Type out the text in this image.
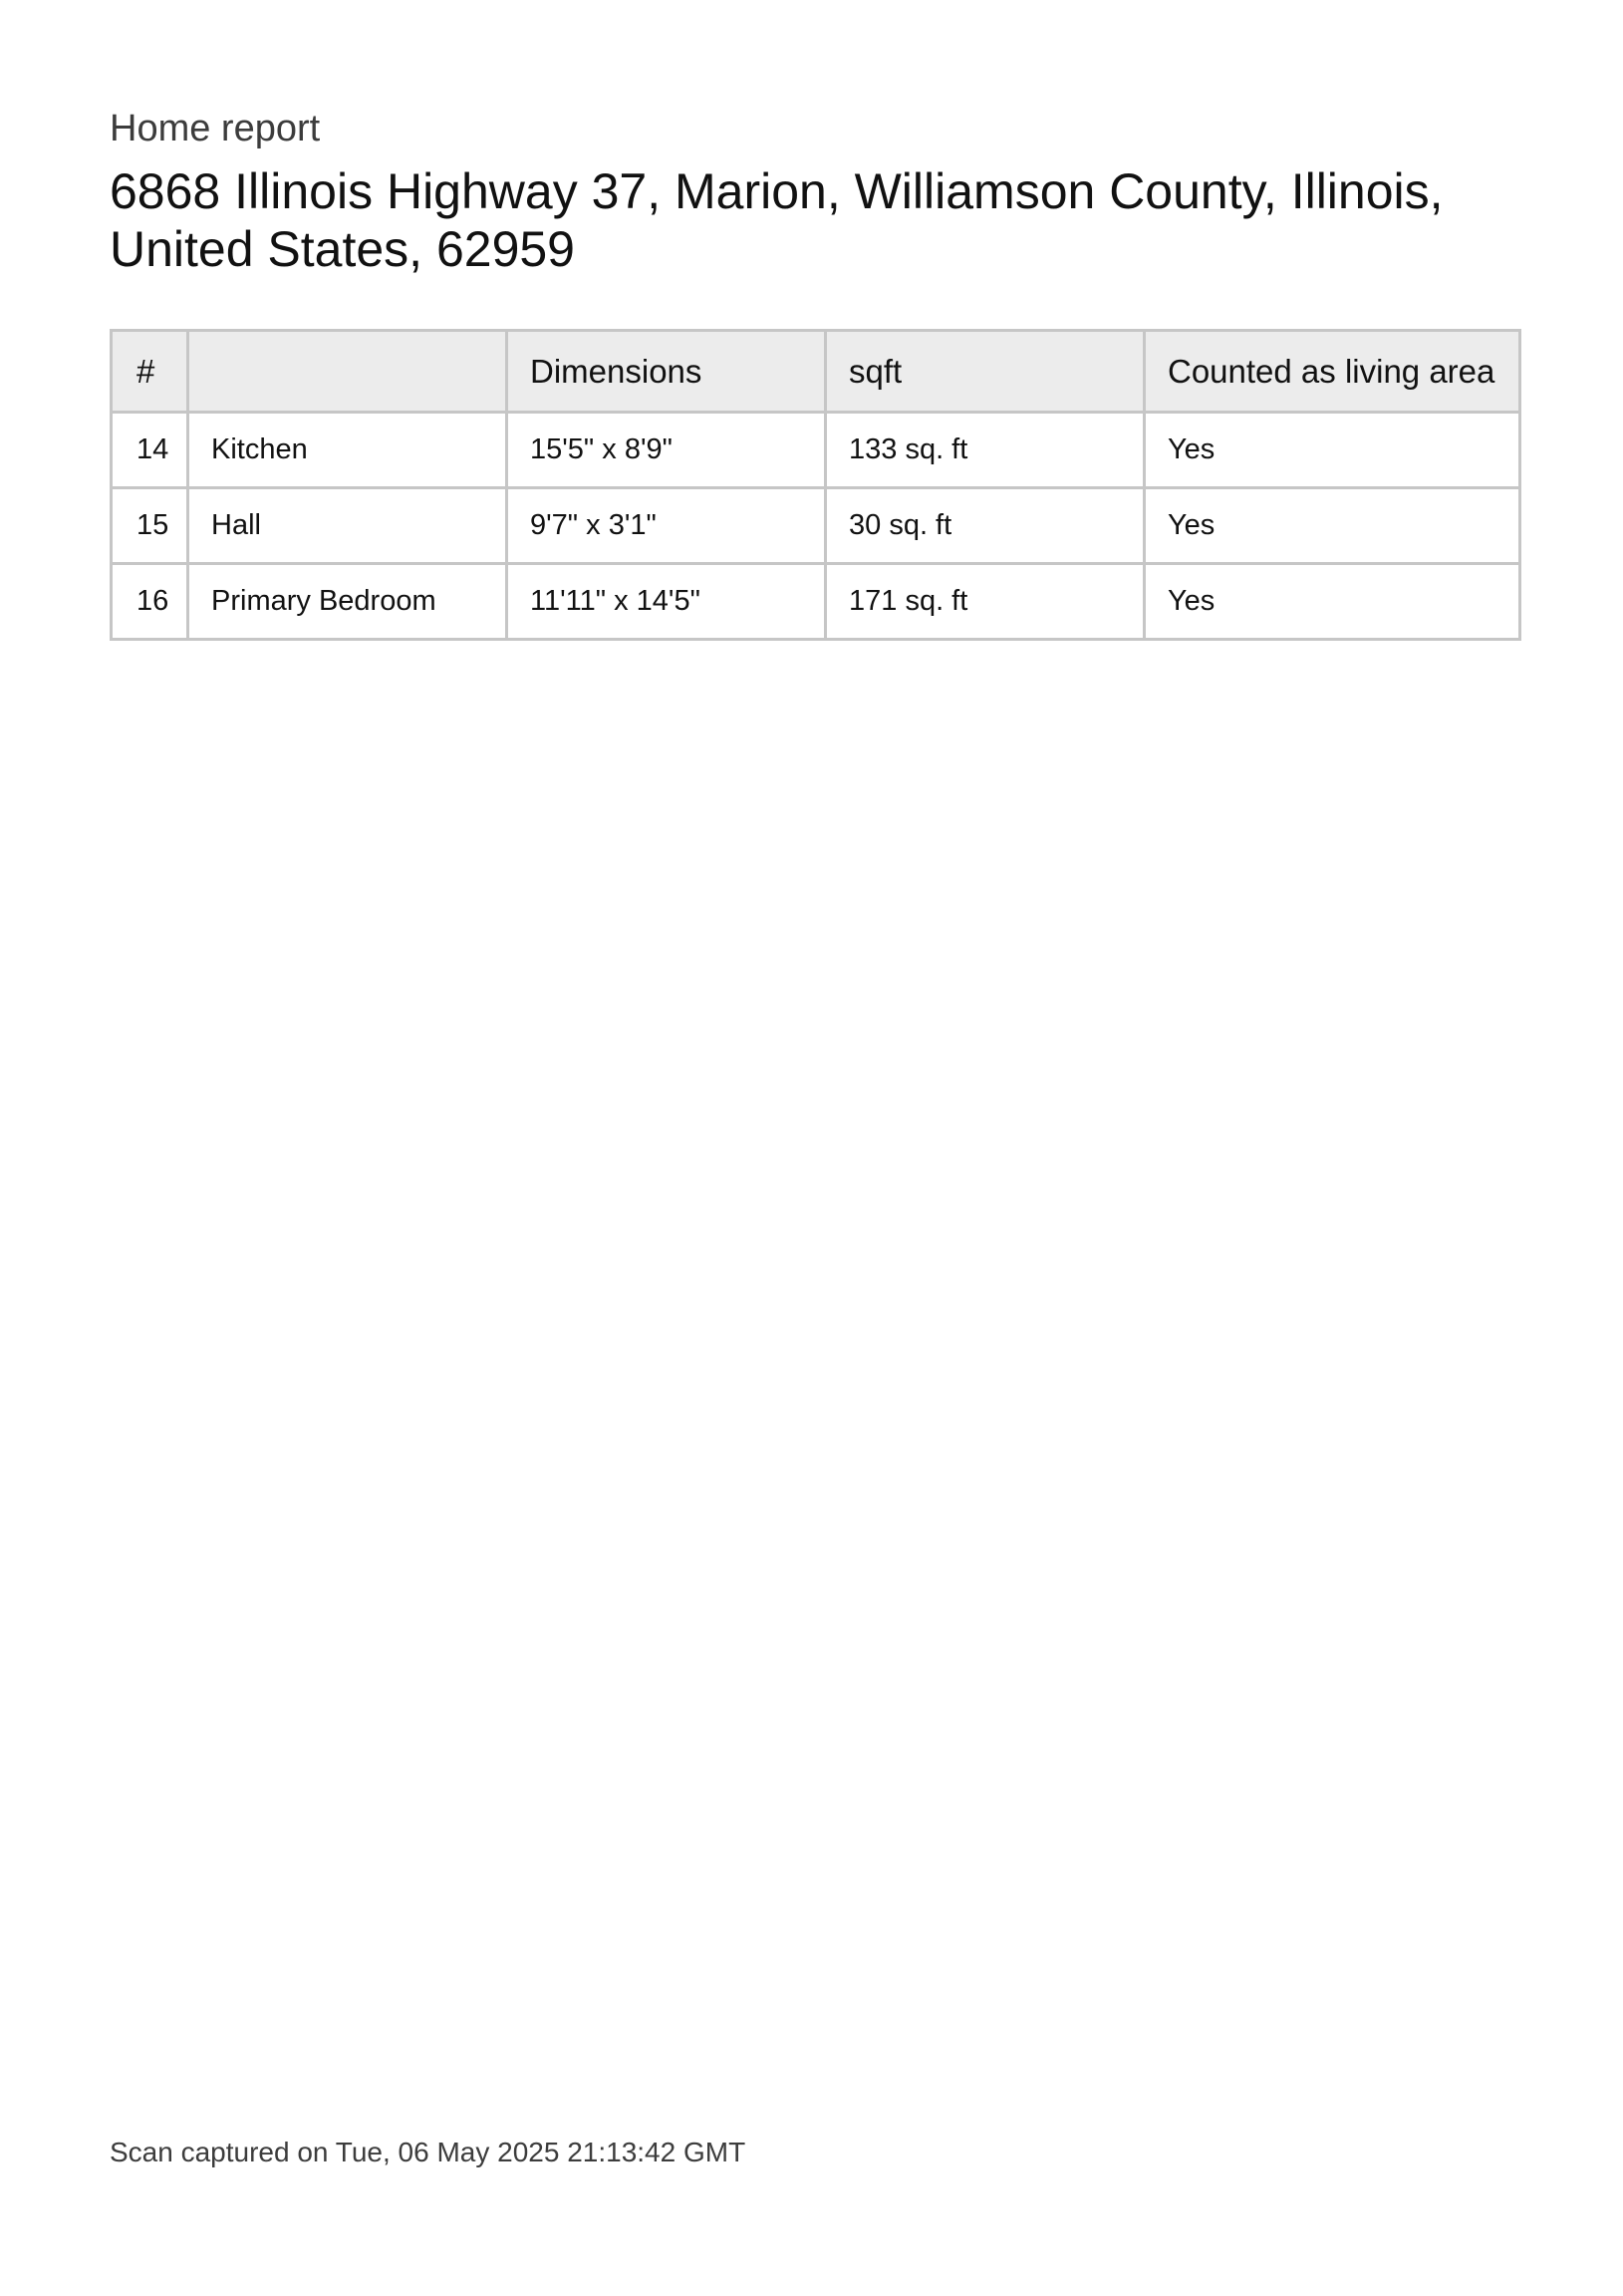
Home report
6868 Illinois Highway 37, Marion, Williamson County, Illinois, United States, 62959
#		Dimensions	sqft	Counted as living area
14	Kitchen	15'5" x 8'9"	133 sq. ft	Yes
15	Hall	9'7" x 3'1"	30 sq. ft	Yes
16	Primary Bedroom	11'11" x 14'5"	171 sq. ft	Yes
Scan captured on Tue, 06 May 2025 21:13:42 GMT
